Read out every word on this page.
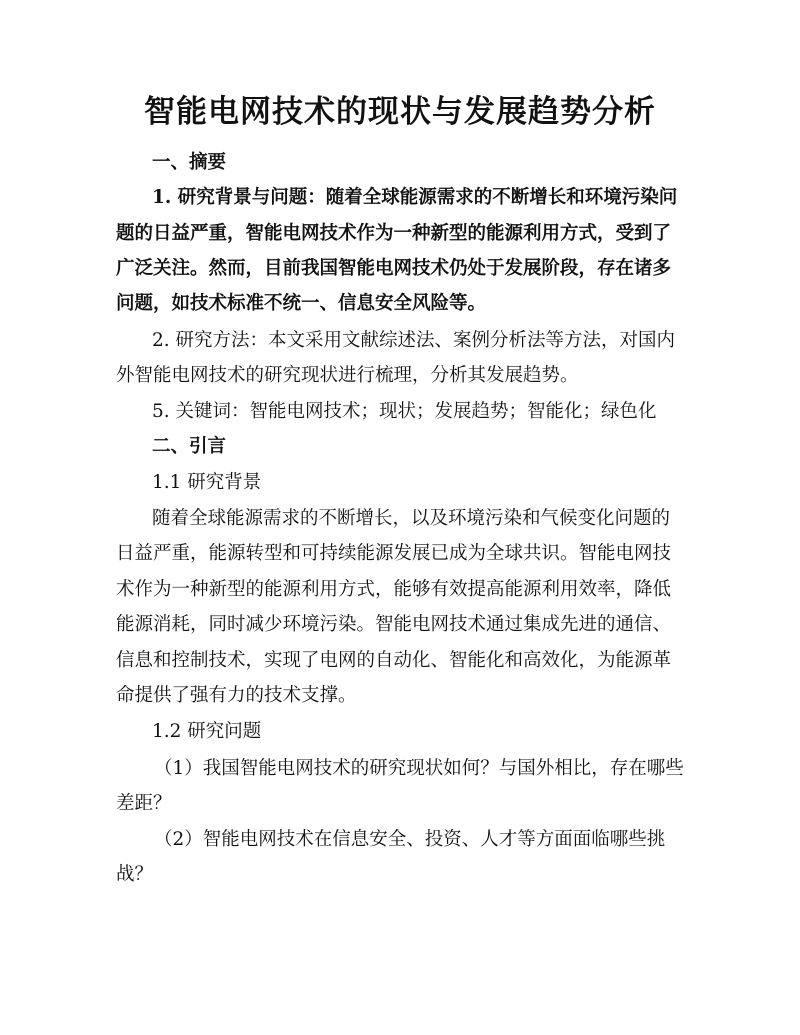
智能电网技术的现状与发展趋势分析
一、摘要
1. 研究背景与问题：随着全球能源需求的不断增长和环境污染问
题的日益严重，智能电网技术作为一种新型的能源利用方式，受到了
广泛关注。然而，目前我国智能电网技术仍处于发展阶段，存在诸多
问题，如技术标准不统一、信息安全风险等。
2. 研究方法：本文采用文献综述法、案例分析法等方法，对国内
外智能电网技术的研究现状进行梳理，分析其发展趋势。
5. 关键词：智能电网技术；现状；发展趋势；智能化；绿色化
二、引言
1.1 研究背景
随着全球能源需求的不断增长，以及环境污染和气候变化问题的
日益严重，能源转型和可持续能源发展已成为全球共识。智能电网技
术作为一种新型的能源利用方式，能够有效提高能源利用效率，降低
能源消耗，同时减少环境污染。智能电网技术通过集成先进的通信、
信息和控制技术，实现了电网的自动化、智能化和高效化，为能源革
命提供了强有力的技术支撑。
1.2 研究问题
（1）我国智能电网技术的研究现状如何？与国外相比，存在哪些
差距？
（2）智能电网技术在信息安全、投资、人才等方面面临哪些挑
战？
